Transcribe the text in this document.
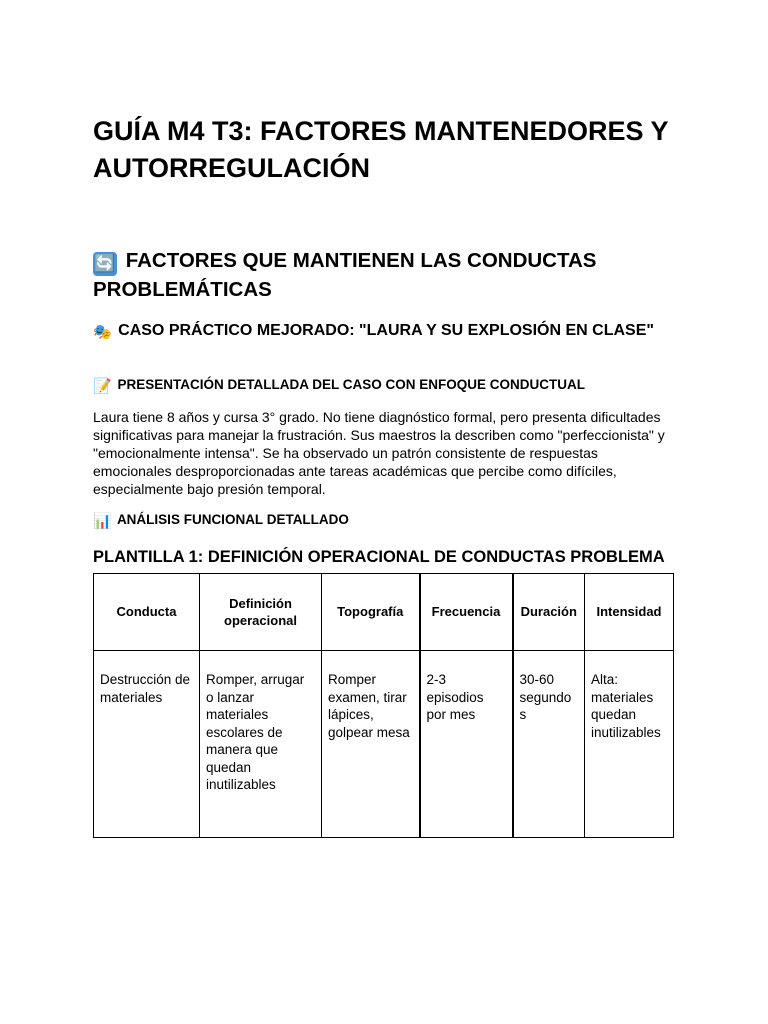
GUÍA M4 T3: FACTORES MANTENEDORES Y AUTORREGULACIÓN
🔄 FACTORES QUE MANTIENEN LAS CONDUCTAS PROBLEMÁTICAS
🎭 CASO PRÁCTICO MEJORADO: "LAURA Y SU EXPLOSIÓN EN CLASE"
📝 PRESENTACIÓN DETALLADA DEL CASO CON ENFOQUE CONDUCTUAL

Laura tiene 8 años y cursa 3° grado. No tiene diagnóstico formal, pero presenta dificultades significativas para manejar la frustración. Sus maestros la describen como "perfeccionista" y "emocionalmente intensa". Se ha observado un patrón consistente de respuestas emocionales desproporcionadas ante tareas académicas que percibe como difíciles, especialmente bajo presión temporal.

📊 ANÁLISIS FUNCIONAL DETALLADO
PLANTILLA 1: DEFINICIÓN OPERACIONAL DE CONDUCTAS PROBLEMA
Conducta	Definición operacional	Topografía	Frecuencia	Duración	Intensidad
Destrucción de materiales	Romper, arrugar o lanzar materiales escolares de manera que quedan inutilizables	Romper examen, tirar lápices, golpear mesa	2-3 episodios por mes	30-60 segundos	Alta: materiales quedan inutilizables
